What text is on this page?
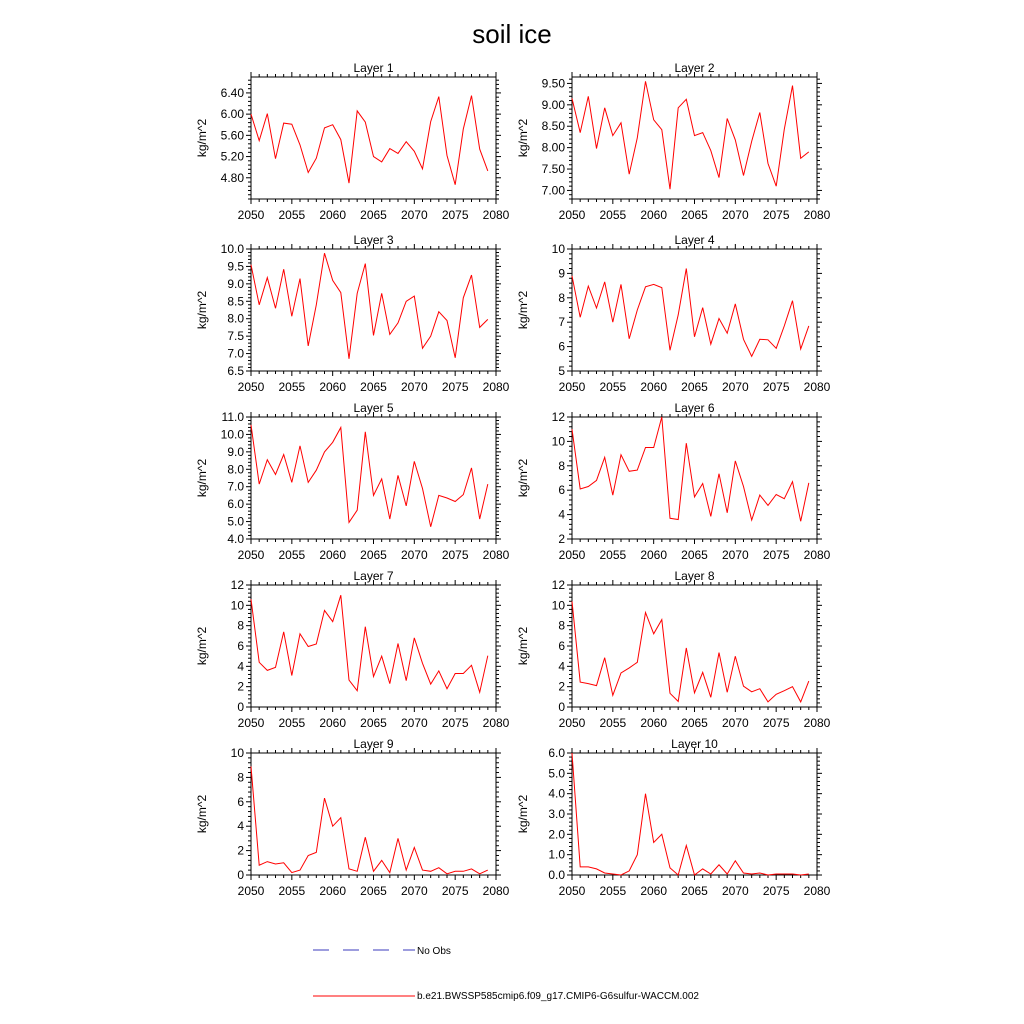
soil ice
Layer 1
2050 2055 2060 2065 2070 2075 2080
4.80
5.20
5.60
6.00
6.40
kg/m^2
Layer 2
2050 2055 2060 2065 2070 2075 2080
7.00
7.50
8.00
8.50
9.00
9.50
kg/m^2
Layer 3
2050 2055 2060 2065 2070 2075 2080
6.5
7.0
7.5
8.0
8.5
9.0
9.5
10.0
kg/m^2
Layer 4
2050 2055 2060 2065 2070 2075 2080
5
6
7
8
9
10
kg/m^2
Layer 5
2050 2055 2060 2065 2070 2075 2080
4.0
5.0
6.0
7.0
8.0
9.0
10.0
11.0
kg/m^2
Layer 6
2050 2055 2060 2065 2070 2075 2080
2
4
6
8
10
12
kg/m^2
Layer 7
2050 2055 2060 2065 2070 2075 2080
0
2
4
6
8
10
12
kg/m^2
Layer 8
2050 2055 2060 2065 2070 2075 2080
0
2
4
6
8
10
12
kg/m^2
Layer 9
2050 2055 2060 2065 2070 2075 2080
0
2
4
6
8
10
kg/m^2
Layer 10
2050 2055 2060 2065 2070 2075 2080
0.0
1.0
2.0
3.0
4.0
5.0
6.0
kg/m^2
No Obs
b.e21.BWSSP585cmip6.f09_g17.CMIP6-G6sulfur-WACCM.002
